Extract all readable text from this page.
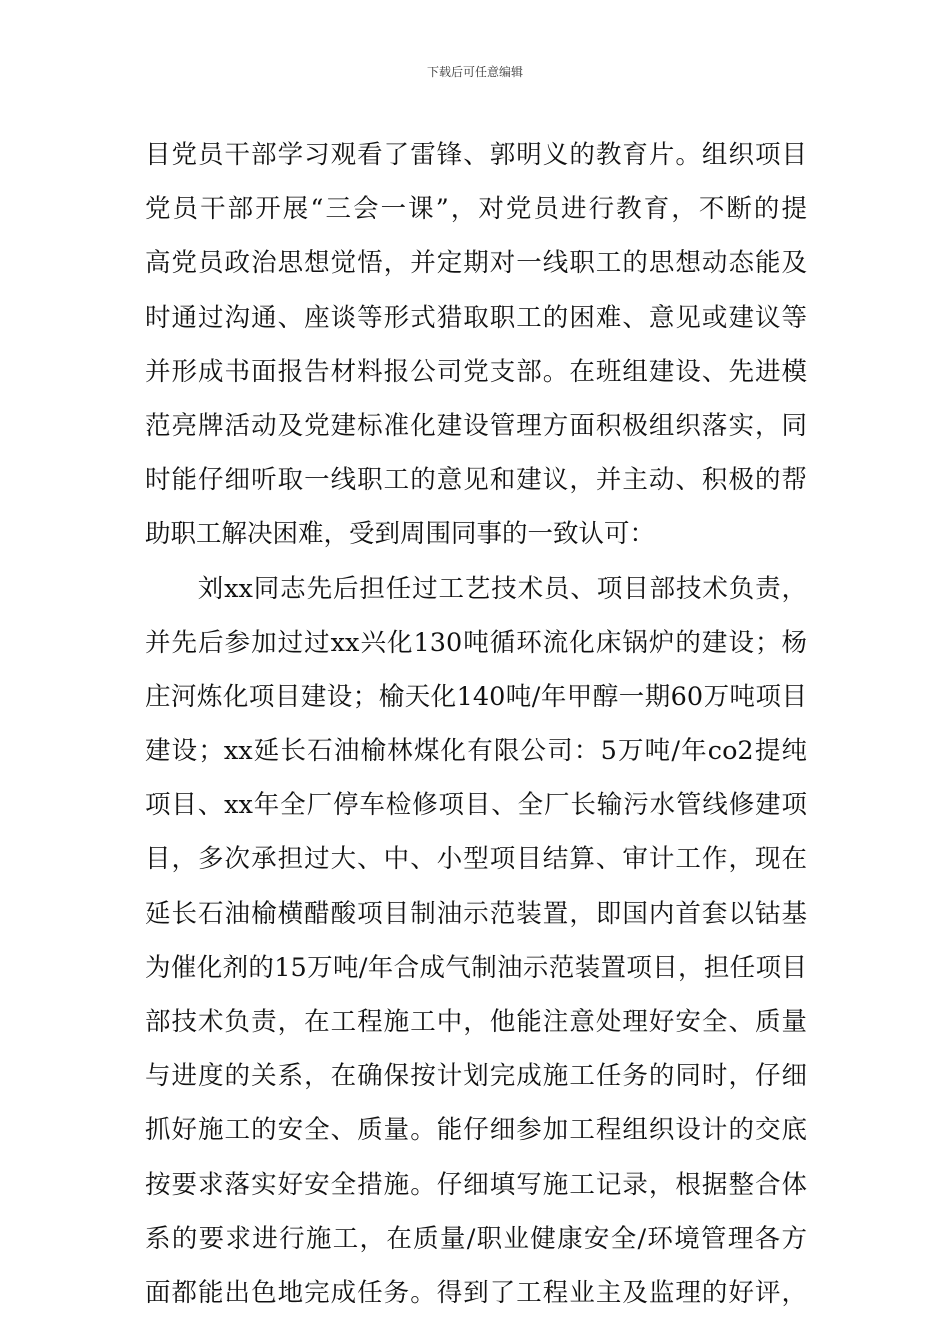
下载后可任意编辑
目党员干部学习观看了雷锋、郭明义的教育片。组织项目
党员干部开展“三会一课”，对党员进行教育，不断的提
高党员政治思想觉悟，并定期对一线职工的思想动态能及
时通过沟通、座谈等形式猎取职工的困难、意见或建议等
并形成书面报告材料报公司党支部。在班组建设、先进模
范亮牌活动及党建标准化建设管理方面积极组织落实，同
时能仔细听取一线职工的意见和建议，并主动、积极的帮
助职工解决困难，受到周围同事的一致认可：
　　刘xx同志先后担任过工艺技术员、项目部技术负责，
并先后参加过过xx兴化130吨循环流化床锅炉的建设；杨
庄河炼化项目建设；榆天化140吨/年甲醇一期60万吨项目
建设；xx延长石油榆林煤化有限公司：5万吨/年co2提纯
项目、xx年全厂停车检修项目、全厂长输污水管线修建项
目，多次承担过大、中、小型项目结算、审计工作，现在
延长石油榆横醋酸项目制油示范装置，即国内首套以钴基
为催化剂的15万吨/年合成气制油示范装置项目，担任项目
部技术负责，在工程施工中，他能注意处理好安全、质量
与进度的关系，在确保按计划完成施工任务的同时，仔细
抓好施工的安全、质量。能仔细参加工程组织设计的交底
按要求落实好安全措施。仔细填写施工记录，根据整合体
系的要求进行施工，在质量/职业健康安全/环境管理各方
面都能出色地完成任务。得到了工程业主及监理的好评，
